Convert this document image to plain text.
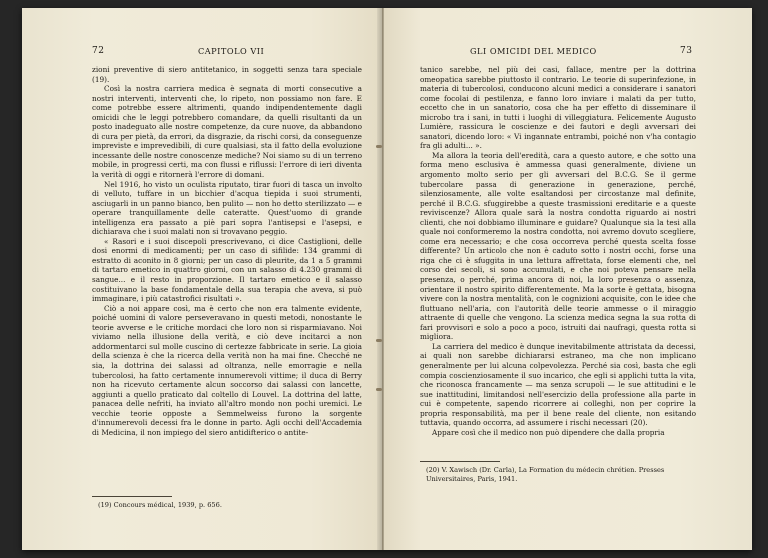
72	CAPITOLO VII

zioni preventive di siero antitetanico, in soggetti senza tara speciale (19).

Così la nostra carriera medica è segnata di morti consecutive a nostri interventi, interventi che, lo ripeto, non possiamo non fare. E come potrebbe essere altrimenti, quando indipendentemente dagli omicidi che le leggi potrebbero comandare, da quelli risultanti da un posto inadeguato alle nostre competenze, da cure nuove, da abbandono di cura per pietà, da errori, da disgrazie, da rischi corsi, da conseguenze impreviste e imprevedibili, di cure qualsiasi, sta il fatto della evoluzione incessante delle nostre conoscenze mediche? Noi siamo su di un terreno mobile, in progressi certi, ma con flussi e riflussi: l'errore di ieri diventa la verità di oggi e ritornerà l'errore di domani.

Nel 1916, ho visto un oculista riputato, tirar fuori di tasca un involto di velluto, tuffare in un bicchier d'acqua tiepida i suoi strumenti, asciugarli in un panno bianco, ben pulito — non ho detto sterilizzato — e operare tranquillamente delle cateratte. Quest'uomo di grande intelligenza era passato a piè pari sopra l'antisepsi e l'asepsi, e dichiarava che i suoi malati non si trovavano peggio.

« Rasori e i suoi discepoli prescrivevano, ci dice Castiglioni, delle dosi enormi di medicamenti; per un caso di sifilide: 134 grammi di estratto di aconito in 8 giorni; per un caso di pleurite, da 1 a 5 grammi di tartaro emetico in quattro giorni, con un salasso di 4.230 grammi di sangue... e il resto in proporzione. Il tartaro emetico e il salasso costituivano la base fondamentale della sua terapia che aveva, si può immaginare, i più catastrofici risultati ».

Ciò a noi appare così, ma è certo che non era talmente evidente, poiché uomini di valore perseveravano in questi metodi, nonostante le teorie avverse e le critiche mordaci che loro non si risparmiavano. Noi viviamo nella illusione della verità, e ciò deve incitarci a non addormentarci sul molle cuscino di certezze fabbricate in serie. La gioia della scienza è che la ricerca della verità non ha mai fine. Checché ne sia, la dottrina dei salassi ad oltranza, nelle emorragie e nella tubercolosi, ha fatto certamente innumerevoli vittime; il duca di Berry non ha ricevuto certamente alcun soccorso dai salassi con lancette, aggiunti a quello praticato dal coltello di Louvel. La dottrina del latte, panacea delle nefriti, ha inviato all'altro mondo non pochi uremici. Le vecchie teorie opposte a Semmelweiss furono la sorgente d'innumerevoli decessi fra le donne in parto. Agli occhi dell'Accademia di Medicina, il non impiego del siero antidifterico o antite-

(19) Concours médical, 1939, p. 656.
GLI OMICIDI DEL MEDICO	73

tanico sarebbe, nel più dei casi, fallace, mentre per la dottrina omeopatica sarebbe piuttosto il contrario. Le teorie di superinfezione, in materia di tubercolosi, conducono alcuni medici a considerare i sanatori come focolai di pestilenza, e fanno loro inviare i malati da per tutto, eccetto che in un sanatorio, cosa che ha per effetto di disseminare il microbo tra i sani, in tutti i luoghi di villeggiatura. Felicemente Augusto Lumière, rassicura le coscienze e dei fautori e degli avversari dei sanatori, dicendo loro: « Vi ingannate entrambi, poiché non v'ha contagio fra gli adulti... ».

Ma allora la teoria dell'eredità, cara a questo autore, e che sotto una forma meno esclusiva è ammessa quasi generalmente, diviene un argomento molto serio per gli avversari del B.C.G. Se il germe tubercolare passa di generazione in generazione, perché, silenziosamente, alle volte esaltandosi per circostanze mal definite, perché il B.C.G. sfuggirebbe a queste trasmissioni ereditarie e a queste reviviscenze? Allora quale sarà la nostra condotta riguardo ai nostri clienti, che noi dobbiamo illuminare e guidare? Qualunque sia la tesi alla quale noi conformeremo la nostra condotta, noi avremo dovuto scegliere, come era necessario; e che cosa occorreva perché questa scelta fosse differente? Un articolo che non è caduto sotto i nostri occhi, forse una riga che ci è sfuggita in una lettura affrettata, forse elementi che, nel corso dei secoli, si sono accumulati, e che noi poteva pensare nella presenza, o perché, prima ancora di noi, la loro presenza o assenza, orientare il nostro spirito differentemente. Ma la sorte è gettata, bisogna vivere con la nostra mentalità, con le cognizioni acquisite, con le idee che fluttuano nell'aria, con l'autorità delle teorie ammesse o il miraggio attraente di quelle che vengono. La scienza medica segna la sua rotta di fari provvisori e solo a poco a poco, istruiti dai naufragi, questa rotta si migliora.

La carriera del medico è dunque inevitabilmente attristata da decessi, ai quali non sarebbe dichiararsi estraneo, ma che non implicano generalmente per lui alcuna colpevolezza. Perché sia così, basta che egli compia coscienziosamente il suo incarico, che egli si applichi tutta la vita, che riconosca francamente — ma senza scrupoli — le sue attitudini e le sue inattitudini, limitandosi nell'esercizio della professione alla parte in cui è competente, sapendo ricorrere ai colleghi, non per coprire la propria responsabilità, ma per il bene reale del cliente, non esitando tuttavia, quando occorra, ad assumere i rischi necessari (20).

Appare così che il medico non può dipendere che dalla propria

(20) V. Xawisch (Dr. Carla), La Formation du médecin chrétien. Presses Universitaires, Paris, 1941.
